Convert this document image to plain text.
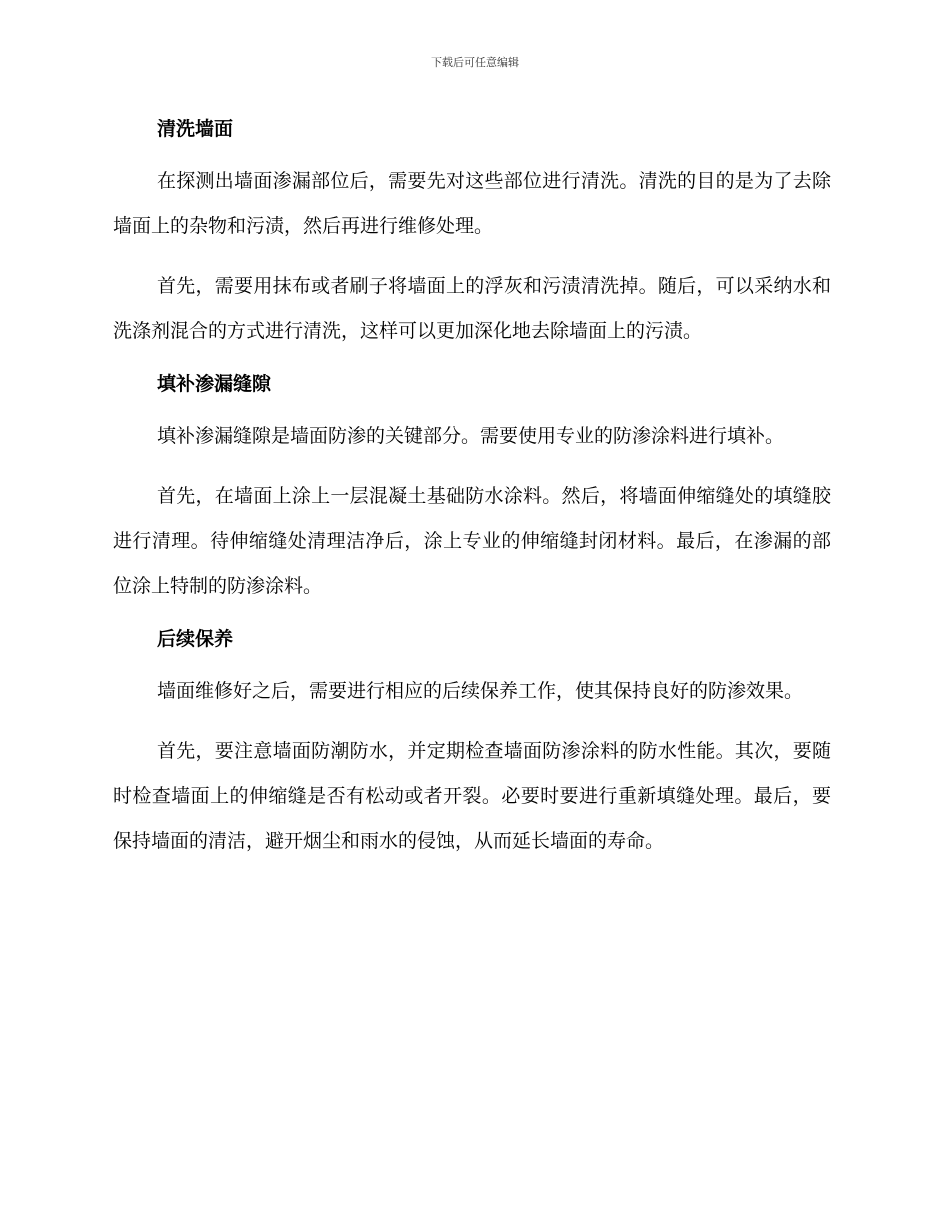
下载后可任意编辑
清洗墙面

在探测出墙面渗漏部位后，需要先对这些部位进行清洗。清洗的目的是为了去除墙面上的杂物和污渍，然后再进行维修处理。

首先，需要用抹布或者刷子将墙面上的浮灰和污渍清洗掉。随后，可以采纳水和洗涤剂混合的方式进行清洗，这样可以更加深化地去除墙面上的污渍。

填补渗漏缝隙

填补渗漏缝隙是墙面防渗的关键部分。需要使用专业的防渗涂料进行填补。

首先，在墙面上涂上一层混凝土基础防水涂料。然后，将墙面伸缩缝处的填缝胶进行清理。待伸缩缝处清理洁净后，涂上专业的伸缩缝封闭材料。最后，在渗漏的部位涂上特制的防渗涂料。

后续保养

墙面维修好之后，需要进行相应的后续保养工作，使其保持良好的防渗效果。

首先，要注意墙面防潮防水，并定期检查墙面防渗涂料的防水性能。其次，要随时检查墙面上的伸缩缝是否有松动或者开裂。必要时要进行重新填缝处理。最后，要保持墙面的清洁，避开烟尘和雨水的侵蚀，从而延长墙面的寿命。
